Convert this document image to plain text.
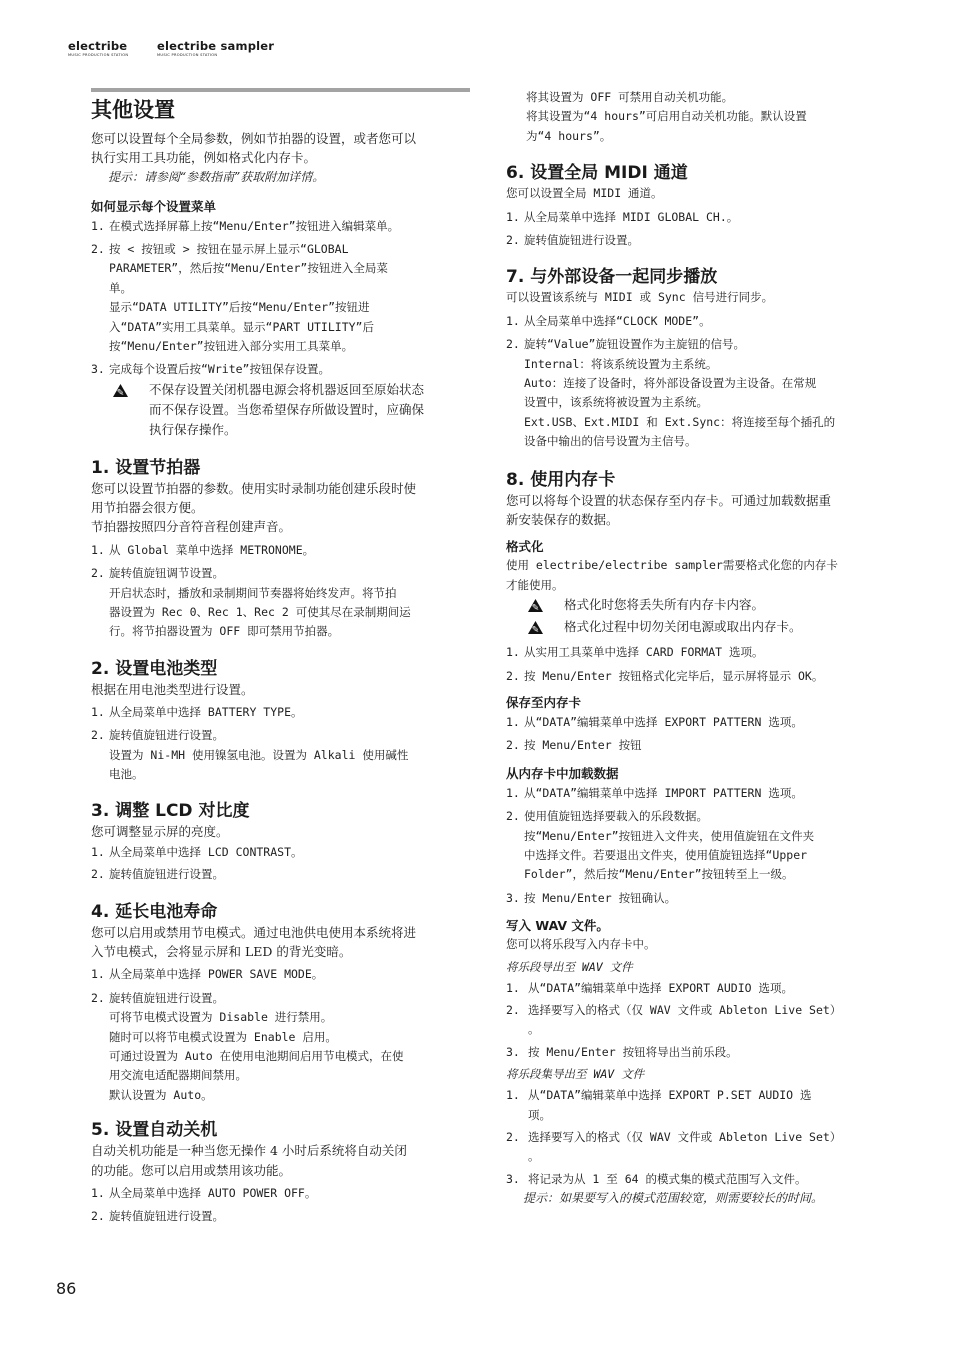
electribe
MUSIC PRODUCTION STATION
electribe sampler
MUSIC PRODUCTION STATION
其他设置
您可以设置每个全局参数，例如节拍器的设置，或者您可以
执行实用工具功能，例如格式化内存卡。
提示：请参阅“参数指南”获取附加详情。
如何显示每个设置菜单
1. 在模式选择屏幕上按“Menu/Enter”按钮进入编辑菜单。
2. 按 < 按钮或 > 按钮在显示屏上显示“GLOBAL
PARAMETER”，然后按“Menu/Enter”按钮进入全局菜
单。
显示“DATA UTILITY”后按“Menu/Enter”按钮进
入“DATA”实用工具菜单。显示“PART UTILITY”后
按“Menu/Enter”按钮进入部分实用工具菜单。
3. 完成每个设置后按“Write”按钮保存设置。
✎ 不保存设置关闭机器电源会将机器返回至原始状态
而不保存设置。当您希望保存所做设置时，应确保
执行保存操作。
1. 设置节拍器
您可以设置节拍器的参数。使用实时录制功能创建乐段时使
用节拍器会很方便。
节拍器按照四分音符音程创建声音。
1. 从 Global 菜单中选择 METRONOME。
2. 旋转值旋钮调节设置。
开启状态时，播放和录制期间节奏器将始终发声。将节拍
器设置为 Rec 0、Rec 1、Rec 2 可使其尽在录制期间运
行。将节拍器设置为 OFF 即可禁用节拍器。
2. 设置电池类型
根据在用电池类型进行设置。
1. 从全局菜单中选择 BATTERY TYPE。
2. 旋转值旋钮进行设置。
设置为 Ni-MH 使用镍氢电池。设置为 Alkali 使用碱性
电池。
3. 调整 LCD 对比度
您可调整显示屏的亮度。
1. 从全局菜单中选择 LCD CONTRAST。
2. 旋转值旋钮进行设置。
4. 延长电池寿命
您可以启用或禁用节电模式。通过电池供电使用本系统将进
入节电模式，会将显示屏和 LED 的背光变暗。
1. 从全局菜单中选择 POWER SAVE MODE。
2. 旋转值旋钮进行设置。
可将节电模式设置为 Disable 进行禁用。
随时可以将节电模式设置为 Enable 启用。
可通过设置为 Auto 在使用电池期间启用节电模式，在使
用交流电适配器期间禁用。
默认设置为 Auto。
5. 设置自动关机
自动关机功能是一种当您无操作 4 小时后系统将自动关闭
的功能。您可以启用或禁用该功能。
1. 从全局菜单中选择 AUTO POWER OFF。
2. 旋转值旋钮进行设置。
将其设置为 OFF 可禁用自动关机功能。
将其设置为“4 hours”可启用自动关机功能。默认设置
为“4 hours”。
6. 设置全局 MIDI 通道
您可以设置全局 MIDI 通道。
1. 从全局菜单中选择 MIDI GLOBAL CH.。
2. 旋转值旋钮进行设置。
7. 与外部设备一起同步播放
可以设置该系统与 MIDI 或 Sync 信号进行同步。
1. 从全局菜单中选择“CLOCK MODE”。
2. 旋转“Value”旋钮设置作为主旋钮的信号。
Internal：将该系统设置为主系统。
Auto：连接了设备时，将外部设备设置为主设备。在常规
设置中，该系统将被设置为主系统。
Ext.USB、Ext.MIDI 和 Ext.Sync：将连接至每个插孔的
设备中输出的信号设置为主信号。
8. 使用内存卡
您可以将每个设置的状态保存至内存卡。可通过加载数据重
新安装保存的数据。
格式化
使用 electribe/electribe sampler需要格式化您的内存卡
才能使用。
✎ 格式化时您将丢失所有内存卡内容。
✎ 格式化过程中切勿关闭电源或取出内存卡。
1. 从实用工具菜单中选择 CARD FORMAT 选项。
2. 按 Menu/Enter 按钮格式化完毕后，显示屏将显示 OK。
保存至内存卡
1. 从“DATA”编辑菜单中选择 EXPORT PATTERN 选项。
2. 按 Menu/Enter 按钮
从内存卡中加载数据
1. 从“DATA”编辑菜单中选择 IMPORT PATTERN 选项。
2. 使用值旋钮选择要载入的乐段数据。
按“Menu/Enter”按钮进入文件夹，使用值旋钮在文件夹
中选择文件。若要退出文件夹，使用值旋钮选择“Upper
Folder”，然后按“Menu/Enter”按钮转至上一级。
3. 按 Menu/Enter 按钮确认。
写入 WAV 文件。
您可以将乐段写入内存卡中。
将乐段导出至 WAV 文件
1. 从“DATA”编辑菜单中选择 EXPORT AUDIO 选项。
2. 选择要写入的格式（仅 WAV 文件或 Ableton Live Set）
。
3. 按 Menu/Enter 按钮将导出当前乐段。
将乐段集导出至 WAV 文件
1. 从“DATA”编辑菜单中选择 EXPORT P.SET AUDIO 选
项。
2. 选择要写入的格式（仅 WAV 文件或 Ableton Live Set）
。
3. 将记录为从 1 至 64 的模式集的模式范围写入文件。
提示：如果要写入的模式范围较宽，则需要较长的时间。
86
